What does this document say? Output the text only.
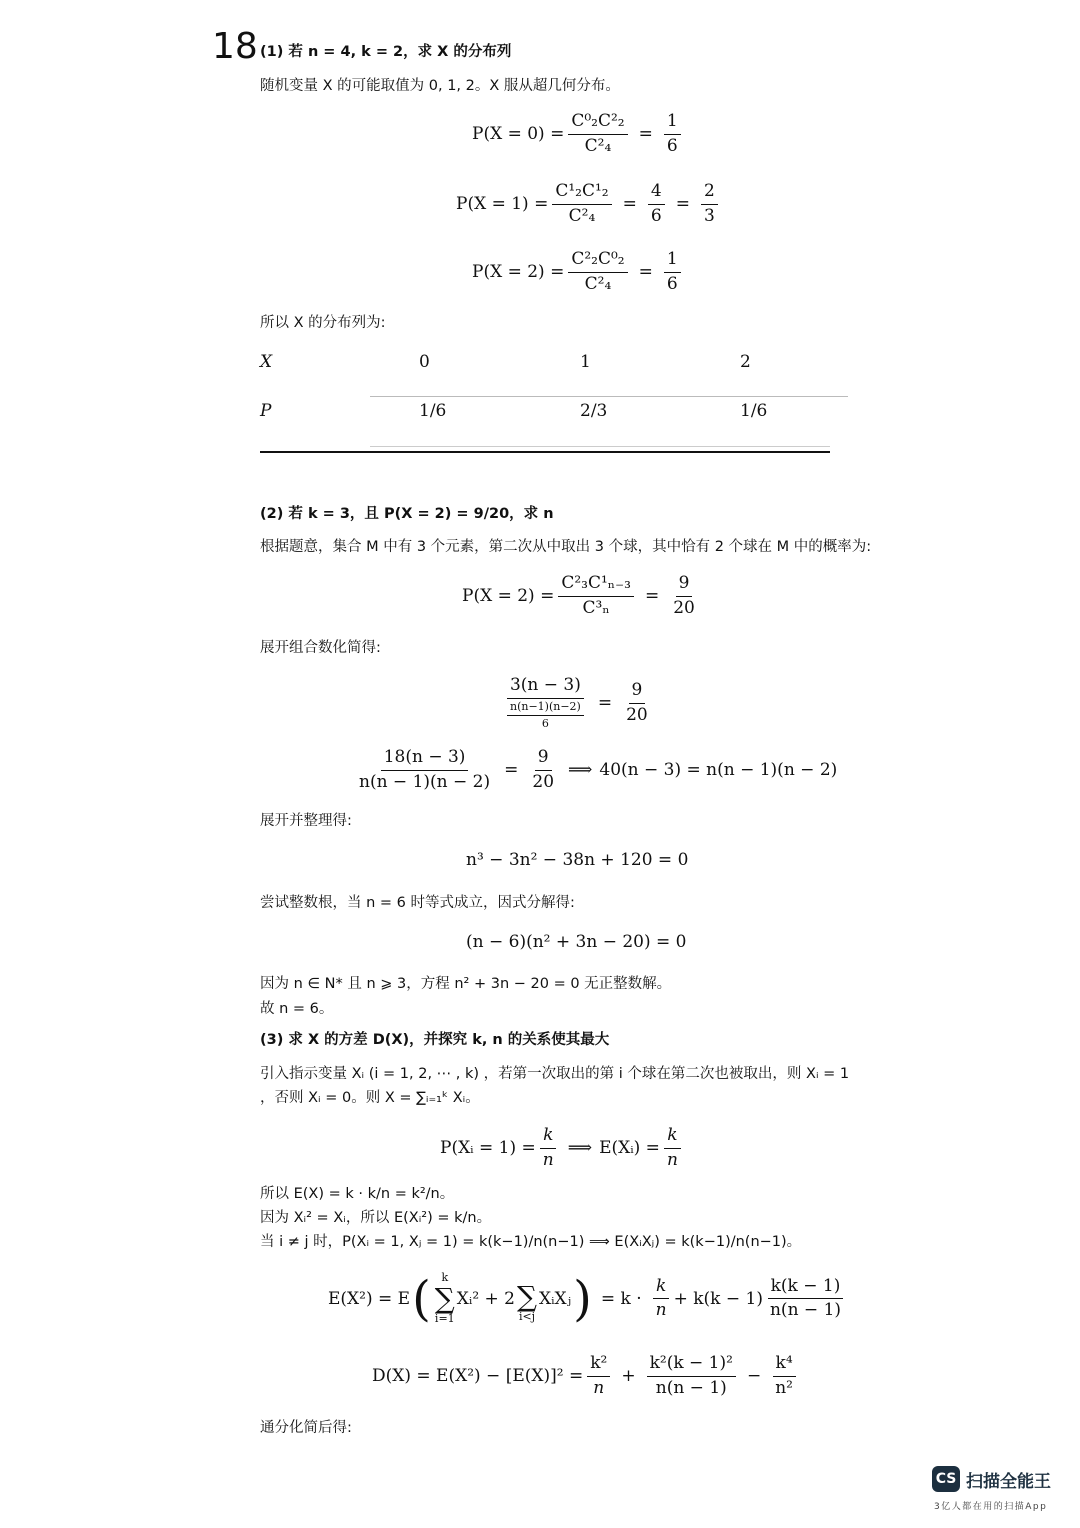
18 (1) 若 n = 4, k = 2，求 X 的分布列
随机变量 X 的可能取值为 0, 1, 2。X 服从超几何分布。
$P(X = 0) = \frac{\text{C⁰₂C²₂}}{\text{C²₄}} = \frac{1}{6}$
$P(X = 1) = \frac{\text{C¹₂C¹₂}}{\text{C²₄}} = \frac{4}{6} = \frac{2}{3}$
$P(X = 2) = \frac{\text{C²₂C⁰₂}}{\text{C²₄}} = \frac{1}{6}$
所以 X 的分布列为:
X	0	1	2
P	1/6	2/3	1/6
(2) 若 k = 3，且 P(X = 2) = 9/20，求 n
根据题意，集合 M 中有 3 个元素，第二次从中取出 3 个球，其中恰有 2 个球在 M 中的概率为:
$P(X = 2) = \frac{\text{C²₃C¹ₙ₋₃}}{\text{C³ₙ}} = \frac{9}{20}$
展开组合数化简得:
$\frac{3(n - 3)}{\frac{n(n-1)(n-2)}{6}} = \frac{9}{20}$
$\frac{18(n - 3)}{n(n - 1)(n - 2)} = \frac{9}{20}$ ⟹ 40(n − 3) = n(n − 1)(n − 2)
展开并整理得:
n³ − 3n² − 38n + 120 = 0
尝试整数根，当 n = 6 时等式成立，因式分解得:
(n − 6)(n² + 3n − 20) = 0
因为 n ∈ N* 且 n ⩾ 3，方程 n² + 3n − 20 = 0 无正整数解。
故 n = 6。
(3) 求 X 的方差 D(X)，并探究 k, n 的关系使其最大
引入指示变量 Xᵢ (i = 1, 2, ⋯ , k) ，若第一次取出的第 i 个球在第二次也被取出，则 Xᵢ = 1
，否则 Xᵢ = 0。则 X = ∑ᵢ₌₁ᵏ Xᵢ。
P(Xᵢ = $1) = \frac{k}{n}$ ⟹ E(Xᵢ) = $\frac{k}{n}$
所以 E(X) = k · k/n = k²/n。
因为 Xᵢ² = Xᵢ，所以 E(Xᵢ²) = k/n。
当 i ≠ j 时，P(Xᵢ = 1, Xⱼ = 1) = k(k−1)/n(n−1) ⟹ E(XᵢXⱼ) = k(k−1)/n(n−1)。
E(X²) = E ( k
∑
i=1
Xᵢ² + 2 ∑
i<j
XᵢXⱼ ) = $k \cdot \frac{k}{n} + k(k - 1) \frac{k(k - 1)}{n(n - 1)}$
$D(X) = E(X^2) - [E(X)]^2 = \frac{\text{k²}}{n} + \frac{\text{k²(k − 1)²}}{n(n - 1)} - \frac{\text{k⁴}}{\text{n²}}$
通分化简后得:
CS 扫描全能王
3亿人都在用的扫描App
